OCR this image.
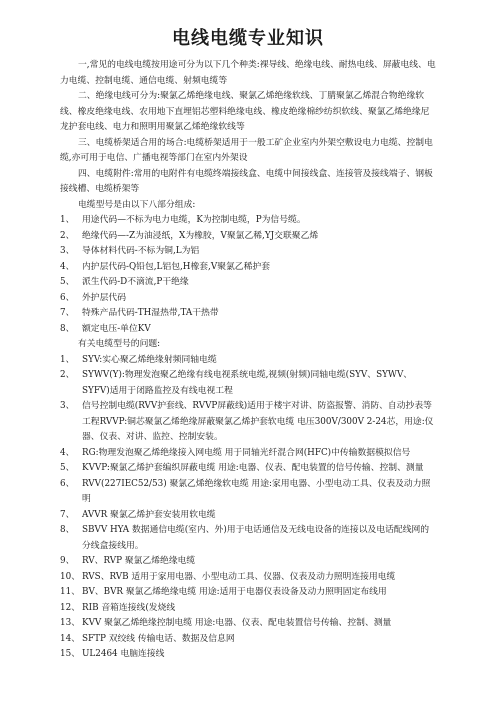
电线电缆专业知识

一,常见的电线电缆按用途可分为以下几个种类:裸导线、绝缘电线、耐热电线、屏蔽电线、电力电缆、控制电缆、通信电缆、射频电缆等

二、绝缘电线可分为:聚氯乙烯绝缘电线、聚氯乙烯绝缘软线、丁腈聚氯乙烯混合物绝缘软线、橡皮绝缘电线、农用地下直埋铝芯塑料绝缘电线、橡皮绝缘棉纱纺织软线、聚氯乙烯绝缘尼龙护套电线、电力和照明用聚氯乙烯绝缘软线等

三、电缆桥架适合用的场合:电缆桥架适用于一般工矿企业室内外架空敷设电力电缆、控制电缆,亦可用于电信、广播电视等部门在室内外架设

四、电缆附件:常用的电附件有电缆终端接线盒、电缆中间接线盒、连接管及接线端子、钢板接线槽、电缆桥架等

电缆型号是由以下八部分组成:

1、 用途代码—不标为电力电缆，K为控制电缆，P为信号缆。
2、 绝缘代码—-Z为油浸纸，X为橡胶，V聚氯乙稀,YJ交联聚乙烯
3、 导体材料代码-不标为铜,L为铝
4、 内护层代码-Q铅包,L铝包,H橡套,V聚氯乙稀护套
5、 派生代码-D不滴流,P干绝缘
6、 外护层代码
7、 特殊产品代码-TH湿热带,TA干热带
8、 额定电压-单位KV

有关电缆型号的问题:

1、 SYV:实心聚乙烯绝缘射频同轴电缆
2、 SYWV(Y):物理发泡聚乙绝缘有线电视系统电缆,视频(射频)同轴电缆(SYV、SYWV、SYFV)适用于闭路监控及有线电视工程
3、 信号控制电缆(RVV护套线、RVVP屏蔽线)适用于楼宇对讲、防盗报警、消防、自动抄表等工程RVVP:铜芯聚氯乙烯绝缘屏蔽聚氯乙烯护套软电缆 电压300V/300V 2-24芯，用途:仪器、仪表、对讲、监控、控制安装。
4、 RG:物理发泡聚乙烯绝缘接入网电缆 用于同轴光纤混合网(HFC)中传输数据模拟信号
5、 KVVP:聚氯乙烯护套编织屏蔽电缆 用途:电器、仪表、配电装置的信号传输、控制、测量
6、 RVV(227IEC52/53) 聚氯乙烯绝缘软电缆 用途:家用电器、小型电动工具、仪表及动力照明
7、 AVVR 聚氯乙烯护套安装用软电缆
8、 SBVV HYA 数据通信电缆(室内、外)用于电话通信及无线电设备的连接以及电话配线网的分线盒接线用。
9、 RV、RVP 聚氯乙烯绝缘电缆
10、 RVS、RVB 适用于家用电器、小型电动工具、仪器、仪表及动力照明连接用电缆
11、 BV、BVR 聚氯乙烯绝缘电缆 用途:适用于电器仪表设备及动力照明固定布线用
12、 RIB 音箱连接线(发烧线
13、 KVV 聚氯乙烯绝缘控制电缆 用途:电器、仪表、配电装置信号传输、控制、测量
14、 SFTP 双绞线 传输电话、数据及信息网
15、 UL2464 电脑连接线
